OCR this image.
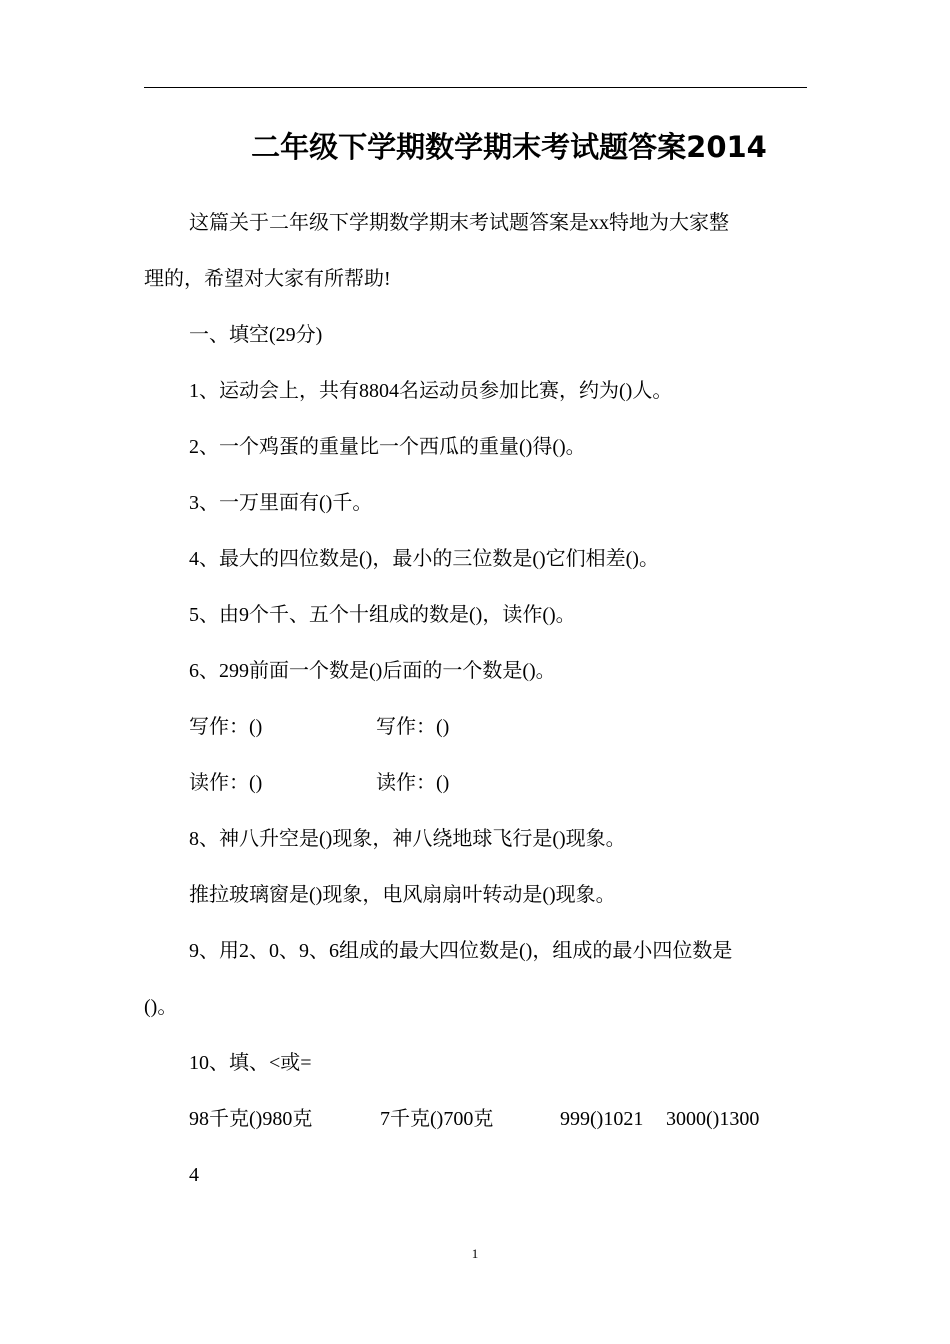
二年级下学期数学期末考试题答案2014
这篇关于二年级下学期数学期末考试题答案是xx特地为大家整
理的，希望对大家有所帮助!
一、填空(29分)
1、运动会上，共有8804名运动员参加比赛，约为()人。
2、一个鸡蛋的重量比一个西瓜的重量()得()。
3、一万里面有()千。
4、最大的四位数是()，最小的三位数是()它们相差()。
5、由9个千、五个十组成的数是()，读作()。
6、299前面一个数是()后面的一个数是()。
写作：()	写作：()
读作：()	读作：()
8、神八升空是()现象，神八绕地球飞行是()现象。
推拉玻璃窗是()现象，电风扇扇叶转动是()现象。
9、用2、0、9、6组成的最大四位数是()，组成的最小四位数是
()。
10、填、<或=
98千克()980克	7千克()700克	999()1021 3000()1300
4
1
